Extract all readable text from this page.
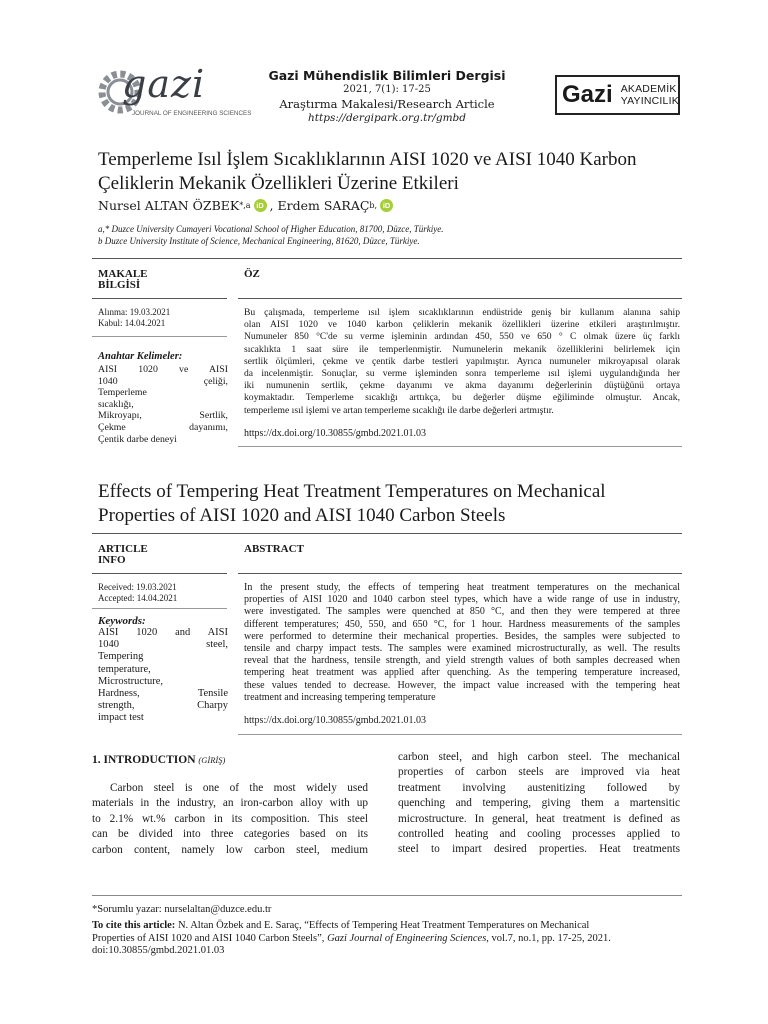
gazi
JOURNAL OF ENGINEERING SCIENCES
Gazi Mühendislik Bilimleri Dergisi
2021, 7(1): 17-25
Araştırma Makalesi/Research Article
https://dergipark.org.tr/gmbd
Gazi AKADEMİK
YAYINCILIK
Temperleme Isıl İşlem Sıcaklıklarının AISI 1020 ve AISI 1040 Karbon
Çeliklerin Mekanik Özellikleri Üzerine Etkileri
Nursel ALTAN ÖZBEK *,a iD , Erdem SARAÇ b, iD
a,* Duzce University Cumayeri Vocational School of Higher Education, 81700, Düzce, Türkiye.
b Duzce University Institute of Science, Mechanical Engineering, 81620, Düzce, Türkiye.
MAKALE BİLGİSİ
ÖZ
Alınma: 19.03.2021
Kabul: 14.04.2021
Anahtar Kelimeler:
AISI 1020 ve AISI
1040 çeliği,
Temperleme
sıcaklığı,
Mikroyapı, Sertlik,
Çekme dayanımı,
Çentik darbe deneyi
Bu çalışmada, temperleme ısıl işlem sıcaklıklarının endüstride geniş bir kullanım alanına sahip
olan AISI 1020 ve 1040 karbon çeliklerin mekanik özellikleri üzerine etkileri araştırılmıştır.
Numuneler 850 °C'de su verme işleminin ardından 450, 550 ve 650 ° C olmak üzere üç farklı
sıcaklıkta 1 saat süre ile temperlenmiştir. Numunelerin mekanik özelliklerini belirlemek için
sertlik ölçümleri, çekme ve çentik darbe testleri yapılmıştır. Ayrıca numuneler mikroyapısal olarak
da incelenmiştir. Sonuçlar, su verme işleminden sonra temperleme ısıl işlemi uygulandığında her
iki numunenin sertlik, çekme dayanımı ve akma dayanımı değerlerinin düştüğünü ortaya
koymaktadır. Temperleme sıcaklığı arttıkça, bu değerler düşme eğiliminde olmuştur. Ancak,
temperleme ısıl işlemi ve artan temperleme sıcaklığı ile darbe değerleri artmıştır.
https://dx.doi.org/10.30855/gmbd.2021.01.03
Effects of Tempering Heat Treatment Temperatures on Mechanical
Properties of AISI 1020 and AISI 1040 Carbon Steels
ARTICLE INFO
ABSTRACT
Received: 19.03.2021
Accepted: 14.04.2021
Keywords:
AISI 1020 and AISI
1040 steel,
Tempering
temperature,
Microstructure,
Hardness, Tensile
strength, Charpy
impact test
In the present study, the effects of tempering heat treatment temperatures on the mechanical
properties of AISI 1020 and 1040 carbon steel types, which have a wide range of use in industry,
were investigated. The samples were quenched at 850 °C, and then they were tempered at three
different temperatures; 450, 550, and 650 °C, for 1 hour. Hardness measurements of the samples
were performed to determine their mechanical properties. Besides, the samples were subjected to
tensile and charpy impact tests. The samples were examined microstructurally, as well. The results
reveal that the hardness, tensile strength, and yield strength values of both samples decreased when
tempering heat treatment was applied after quenching. As the tempering temperature increased,
these values tended to decrease. However, the impact value increased with the tempering heat
treatment and increasing tempering temperature
https://dx.doi.org/10.30855/gmbd.2021.01.03
1. INTRODUCTION (GİRİŞ)
Carbon steel is one of the most widely used
materials in the industry, an iron-carbon alloy with up
to 2.1% wt.% carbon in its composition. This steel
can be divided into three categories based on its
carbon content, namely low carbon steel, medium
carbon steel, and high carbon steel. The mechanical
properties of carbon steels are improved via heat
treatment involving austenitizing followed by
quenching and tempering, giving them a martensitic
microstructure. In general, heat treatment is defined as
controlled heating and cooling processes applied to
steel to impart desired properties. Heat treatments
*Sorumlu yazar: nurselaltan@duzce.edu.tr
To cite this article: N. Altan Özbek and E. Saraç, “Effects of Tempering Heat Treatment Temperatures on Mechanical
Properties of AISI 1020 and AISI 1040 Carbon Steels”, Gazi Journal of Engineering Sciences, vol.7, no.1, pp. 17-25, 2021.
doi:10.30855/gmbd.2021.01.03
